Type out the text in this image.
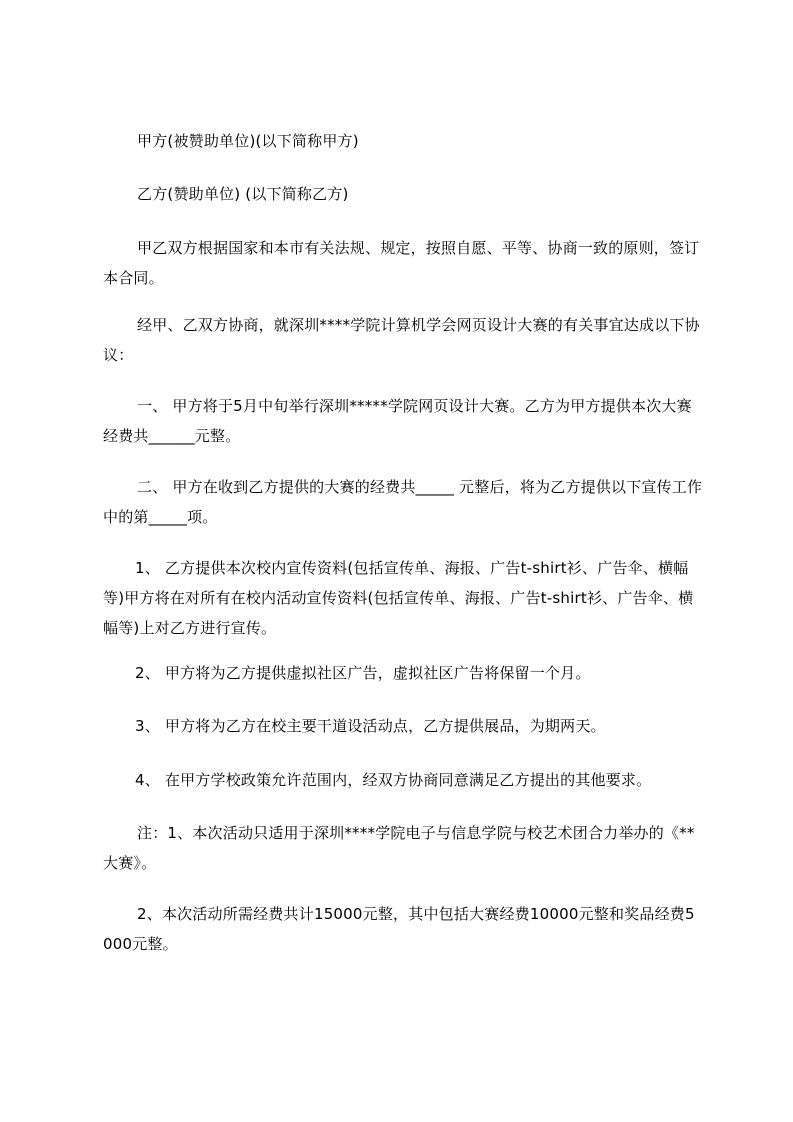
甲方(被赞助单位)(以下简称甲方)

乙方(赞助单位) (以下简称乙方)

甲乙双方根据国家和本市有关法规、规定，按照自愿、平等、协商一致的原则，签订本合同。

经甲、乙双方协商，就深圳****学院计算机学会网页设计大赛的有关事宜达成以下协议：

一、 甲方将于5月中旬举行深圳*****学院网页设计大赛。乙方为甲方提供本次大赛经费共______元整。

二、 甲方在收到乙方提供的大赛的经费共_____ 元整后，将为乙方提供以下宣传工作中的第_____项。

1、 乙方提供本次校内宣传资料(包括宣传单、海报、广告t-shirt衫、广告伞、横幅等)甲方将在对所有在校内活动宣传资料(包括宣传单、海报、广告t-shirt衫、广告伞、横幅等)上对乙方进行宣传。

2、 甲方将为乙方提供虚拟社区广告，虚拟社区广告将保留一个月。

3、 甲方将为乙方在校主要干道设活动点，乙方提供展品，为期两天。

4、 在甲方学校政策允许范围内，经双方协商同意满足乙方提出的其他要求。

注：1、本次活动只适用于深圳****学院电子与信息学院与校艺术团合力举办的《**大赛》。

2、本次活动所需经费共计15000元整，其中包括大赛经费10000元整和奖品经费5000元整。
